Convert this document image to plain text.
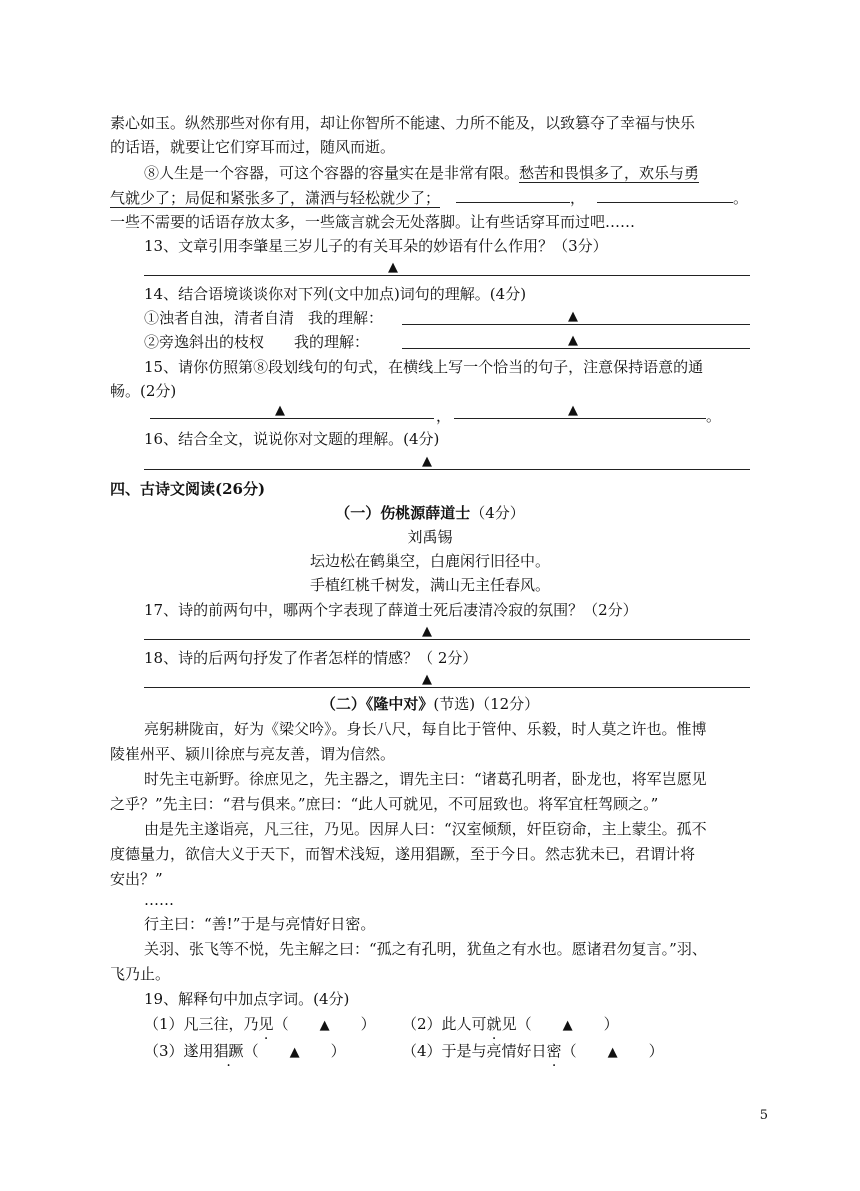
素心如玉。纵然那些对你有用，却让你智所不能逮、力所不能及，以致篡夺了幸福与快乐
的话语，就要让它们穿耳而过，随风而逝。
⑧人生是一个容器，可这个容器的容量实在是非常有限。愁苦和畏惧多了，欢乐与勇
气就少了；局促和紧张多了，潇洒与轻松就少了；	，	。
一些不需要的话语存放太多，一些箴言就会无处落脚。让有些话穿耳而过吧……
13、文章引用李肇星三岁儿子的有关耳朵的妙语有什么作用？（3分）
▲
14、结合语境谈谈你对下列(文中加点)词句的理解。(4分)
①浊者自浊，清者自清 我的理解：	▲
②旁逸斜出的枝杈 我的理解：	▲
15、请你仿照第⑧段划线句的句式，在横线上写一个恰当的句子，注意保持语意的通
畅。(2分)
▲	，	▲	。
16、结合全文，说说你对文题的理解。(4分)
▲
四、古诗文阅读(26分)
（一）伤桃源薛道士（4分）
刘禹锡
坛边松在鹤巢空，白鹿闲行旧径中。
手植红桃千树发，满山无主任春风。
17、诗的前两句中，哪两个字表现了薛道士死后凄清冷寂的氛围？（2分）
▲
18、诗的后两句抒发了作者怎样的情感？（ 2分）
▲
（二）《隆中对》(节选)（12分）
亮躬耕陇亩，好为《梁父吟》。身长八尺，每自比于管仲、乐毅，时人莫之许也。惟博
陵崔州平、颍川徐庶与亮友善，谓为信然。
时先主屯新野。徐庶见之，先主器之，谓先主曰：“诸葛孔明者，卧龙也，将军岂愿见
之乎？”先主曰：“君与俱来。”庶曰：“此人可就见，不可屈致也。将军宜枉驾顾之。”
由是先主遂诣亮，凡三往，乃见。因屏人曰：“汉室倾颓，奸臣窃命，主上蒙尘。孤不
度德量力，欲信大义于天下，而智术浅短，遂用猖蹶，至于今日。然志犹未已，君谓计将
安出？”
……
行主曰：“善!”于是与亮情好日密。
关羽、张飞等不悦，先主解之曰：“孤之有孔明，犹鱼之有水也。愿诸君勿复言。”羽、
飞乃止。
19、解释句中加点字词。(4分)
（1）凡三往，乃见（ ▲ ） （2）此人可就见（ ▲ ）
（3）遂用猖蹶（ ▲ ）	（4）于是与亮情好日密（ ▲ ）
5
